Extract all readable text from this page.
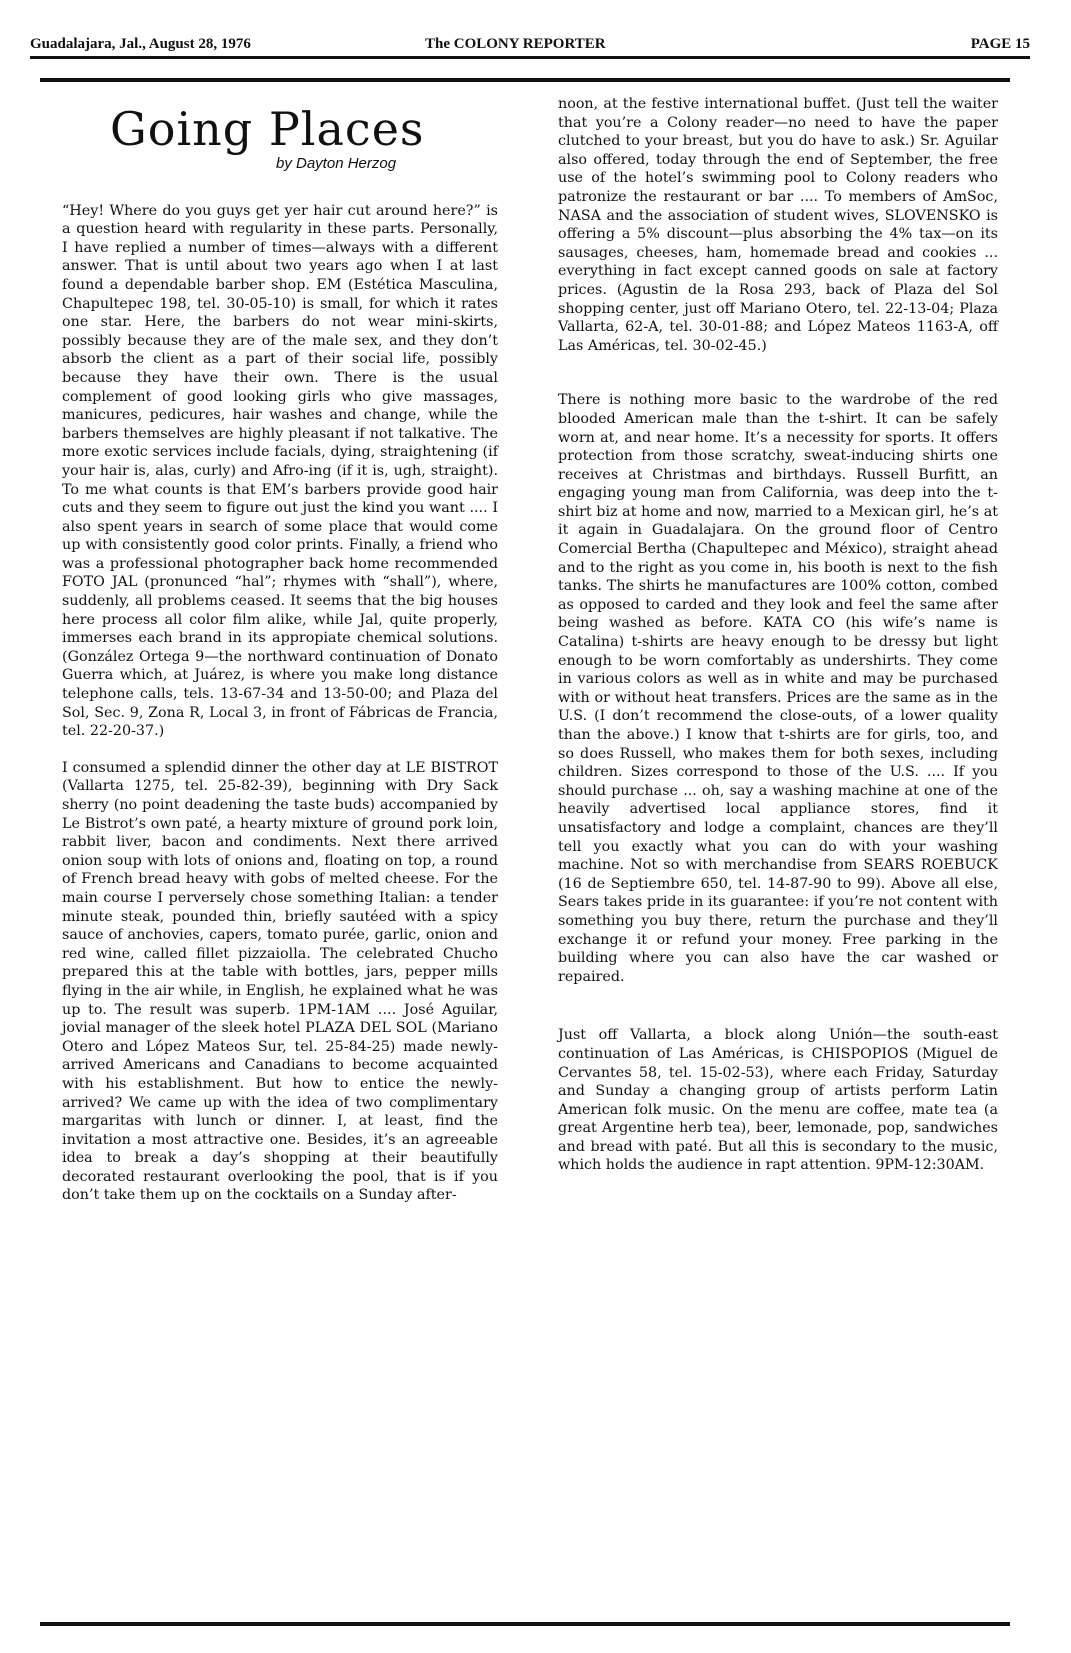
Guadalajara, Jal., August 28, 1976	The COLONY REPORTER	PAGE 15
Going Places
by Dayton Herzog

“Hey! Where do you guys get yer hair cut around here?” is a question heard with regularity in these parts. Personally, I have replied a number of times—always with a different answer. That is until about two years ago when I at last found a dependable barber shop. EM (Estética Masculina, Chapultepec 198, tel. 30-05-10) is small, for which it rates one star. Here, the barbers do not wear mini-skirts, possibly because they are of the male sex, and they don’t absorb the client as a part of their social life, possibly because they have their own. There is the usual complement of good looking girls who give massages, manicures, pedicures, hair washes and change, while the barbers themselves are highly pleasant if not talkative. The more exotic services include facials, dying, straightening (if your hair is, alas, curly) and Afro-ing (if it is, ugh, straight). To me what counts is that EM’s barbers provide good hair cuts and they seem to figure out just the kind you want .... I also spent years in search of some place that would come up with consistently good color prints. Finally, a friend who was a professional photographer back home recommended FOTO JAL (pronunced “hal”; rhymes with “shall”), where, suddenly, all problems ceased. It seems that the big houses here process all color film alike, while Jal, quite properly, immerses each brand in its appropiate chemical solutions. (González Ortega 9—the northward continuation of Donato Guerra which, at Juárez, is where you make long distance telephone calls, tels. 13-67-34 and 13-50-00; and Plaza del Sol, Sec. 9, Zona R, Local 3, in front of Fábricas de Francia, tel. 22-20-37.)

I consumed a splendid dinner the other day at LE BISTROT (Vallarta 1275, tel. 25-82-39), beginning with Dry Sack sherry (no point deadening the taste buds) accompanied by Le Bistrot’s own paté, a hearty mixture of ground pork loin, rabbit liver, bacon and condiments. Next there arrived onion soup with lots of onions and, floating on top, a round of French bread heavy with gobs of melted cheese. For the main course I perversely chose something Italian: a tender minute steak, pounded thin, briefly sautéed with a spicy sauce of anchovies, capers, tomato purée, garlic, onion and red wine, called fillet pizzaiolla. The celebrated Chucho prepared this at the table with bottles, jars, pepper mills flying in the air while, in English, he explained what he was up to. The result was superb. 1PM-1AM .... José Aguilar, jovial manager of the sleek hotel PLAZA DEL SOL (Mariano Otero and López Mateos Sur, tel. 25-84-25) made newly-arrived Americans and Canadians to become acquainted with his establishment. But how to entice the newly-arrived? We came up with the idea of two complimentary margaritas with lunch or dinner. I, at least, find the invitation a most attractive one. Besides, it’s an agreeable idea to break a day’s shopping at their beautifully decorated restaurant overlooking the pool, that is if you don’t take them up on the cocktails on a Sunday after-

noon, at the festive international buffet. (Just tell the waiter that you’re a Colony reader—no need to have the paper clutched to your breast, but you do have to ask.) Sr. Aguilar also offered, today through the end of September, the free use of the hotel’s swimming pool to Colony readers who patronize the restaurant or bar .... To members of AmSoc, NASA and the association of student wives, SLOVENSKO is offering a 5% discount—plus absorbing the 4% tax—on its sausages, cheeses, ham, homemade bread and cookies ... everything in fact except canned goods on sale at factory prices. (Agustin de la Rosa 293, back of Plaza del Sol shopping center, just off Mariano Otero, tel. 22-13-04; Plaza Vallarta, 62-A, tel. 30-01-88; and López Mateos 1163-A, off Las Américas, tel. 30-02-45.)

There is nothing more basic to the wardrobe of the red blooded American male than the t-shirt. It can be safely worn at, and near home. It’s a necessity for sports. It offers protection from those scratchy, sweat-inducing shirts one receives at Christmas and birthdays. Russell Burfitt, an engaging young man from California, was deep into the t-shirt biz at home and now, married to a Mexican girl, he’s at it again in Guadalajara. On the ground floor of Centro Comercial Bertha (Chapultepec and México), straight ahead and to the right as you come in, his booth is next to the fish tanks. The shirts he manufactures are 100% cotton, combed as opposed to carded and they look and feel the same after being washed as before. KATA CO (his wife’s name is Catalina) t-shirts are heavy enough to be dressy but light enough to be worn comfortably as undershirts. They come in various colors as well as in white and may be purchased with or without heat transfers. Prices are the same as in the U.S. (I don’t recommend the close-outs, of a lower quality than the above.) I know that t-shirts are for girls, too, and so does Russell, who makes them for both sexes, including children. Sizes correspond to those of the U.S. .... If you should purchase ... oh, say a washing machine at one of the heavily advertised local appliance stores, find it unsatisfactory and lodge a complaint, chances are they’ll tell you exactly what you can do with your washing machine. Not so with merchandise from SEARS ROEBUCK (16 de Septiembre 650, tel. 14-87-90 to 99). Above all else, Sears takes pride in its guarantee: if you’re not content with something you buy there, return the purchase and they’ll exchange it or refund your money. Free parking in the building where you can also have the car washed or repaired.

Just off Vallarta, a block along Unión—the south-east continuation of Las Américas, is CHISPOPIOS (Miguel de Cervantes 58, tel. 15-02-53), where each Friday, Saturday and Sunday a changing group of artists perform Latin American folk music. On the menu are coffee, mate tea (a great Argentine herb tea), beer, lemonade, pop, sandwiches and bread with paté. But all this is secondary to the music, which holds the audience in rapt attention. 9PM-12:30AM.
